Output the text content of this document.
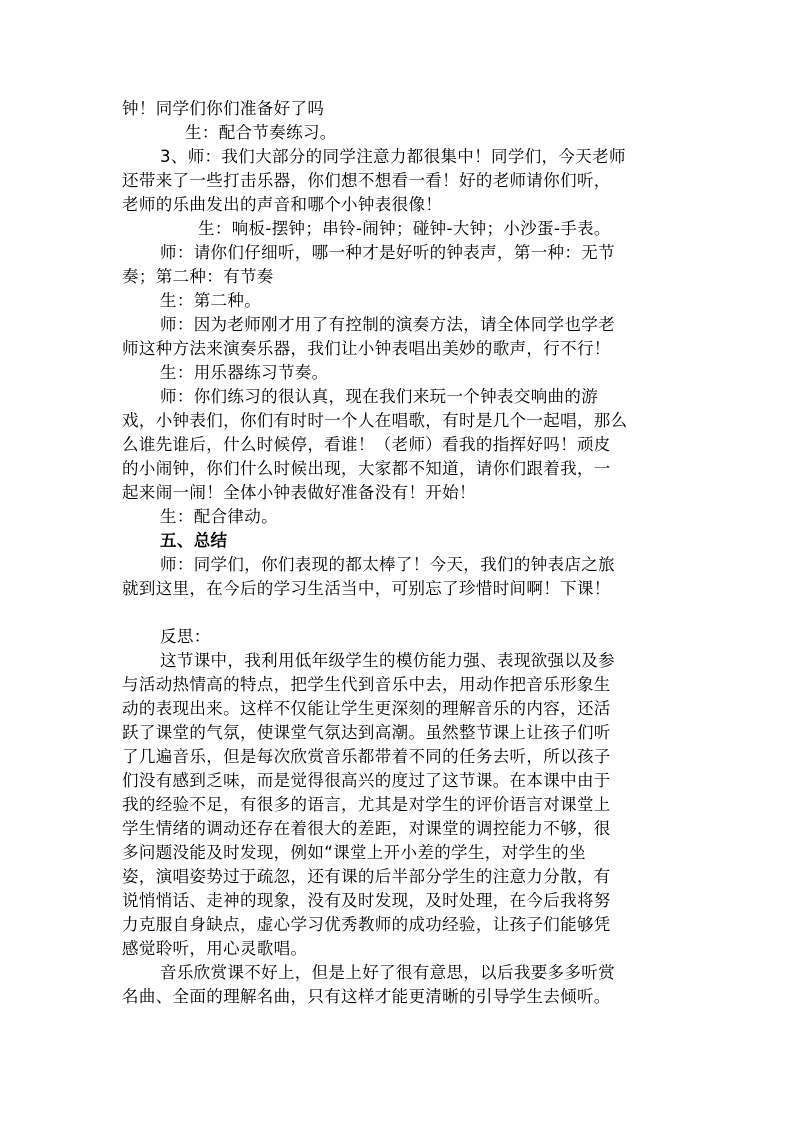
钟！同学们你们准备好了吗
生：配合节奏练习。
3、师：我们大部分的同学注意力都很集中！同学们，今天老师
还带来了一些打击乐器，你们想不想看一看！好的老师请你们听，
老师的乐曲发出的声音和哪个小钟表很像！
生：响板-摆钟；串铃-闹钟；碰钟-大钟；小沙蛋-手表。
师：请你们仔细听，哪一种才是好听的钟表声，第一种：无节
奏；第二种：有节奏
生：第二种。
师：因为老师刚才用了有控制的演奏方法，请全体同学也学老
师这种方法来演奏乐器，我们让小钟表唱出美妙的歌声，行不行！
生：用乐器练习节奏。
师：你们练习的很认真，现在我们来玩一个钟表交响曲的游
戏，小钟表们，你们有时时一个人在唱歌，有时是几个一起唱，那么
么谁先谁后，什么时候停，看谁！（老师）看我的指挥好吗！顽皮
的小闹钟，你们什么时候出现，大家都不知道，请你们跟着我，一
起来闹一闹！全体小钟表做好准备没有！开始！
生：配合律动。
五、总结
师：同学们，你们表现的都太棒了！今天，我们的钟表店之旅
就到这里，在今后的学习生活当中，可别忘了珍惜时间啊！下课！
反思：
这节课中，我利用低年级学生的模仿能力强、表现欲强以及参
与活动热情高的特点，把学生代到音乐中去，用动作把音乐形象生
动的表现出来。这样不仅能让学生更深刻的理解音乐的内容，还活
跃了课堂的气氛，使课堂气氛达到高潮。虽然整节课上让孩子们听
了几遍音乐，但是每次欣赏音乐都带着不同的任务去听，所以孩子
们没有感到乏味，而是觉得很高兴的度过了这节课。在本课中由于
我的经验不足，有很多的语言，尤其是对学生的评价语言对课堂上
学生情绪的调动还存在着很大的差距，对课堂的调控能力不够，很
多问题没能及时发现，例如“课堂上开小差的学生，对学生的坐
姿，演唱姿势过于疏忽，还有课的后半部分学生的注意力分散，有
说悄悄话、走神的现象，没有及时发现，及时处理，在今后我将努
力克服自身缺点，虚心学习优秀教师的成功经验，让孩子们能够凭
感觉聆听，用心灵歌唱。
音乐欣赏课不好上，但是上好了很有意思，以后我要多多听赏
名曲、全面的理解名曲，只有这样才能更清晰的引导学生去倾听。
